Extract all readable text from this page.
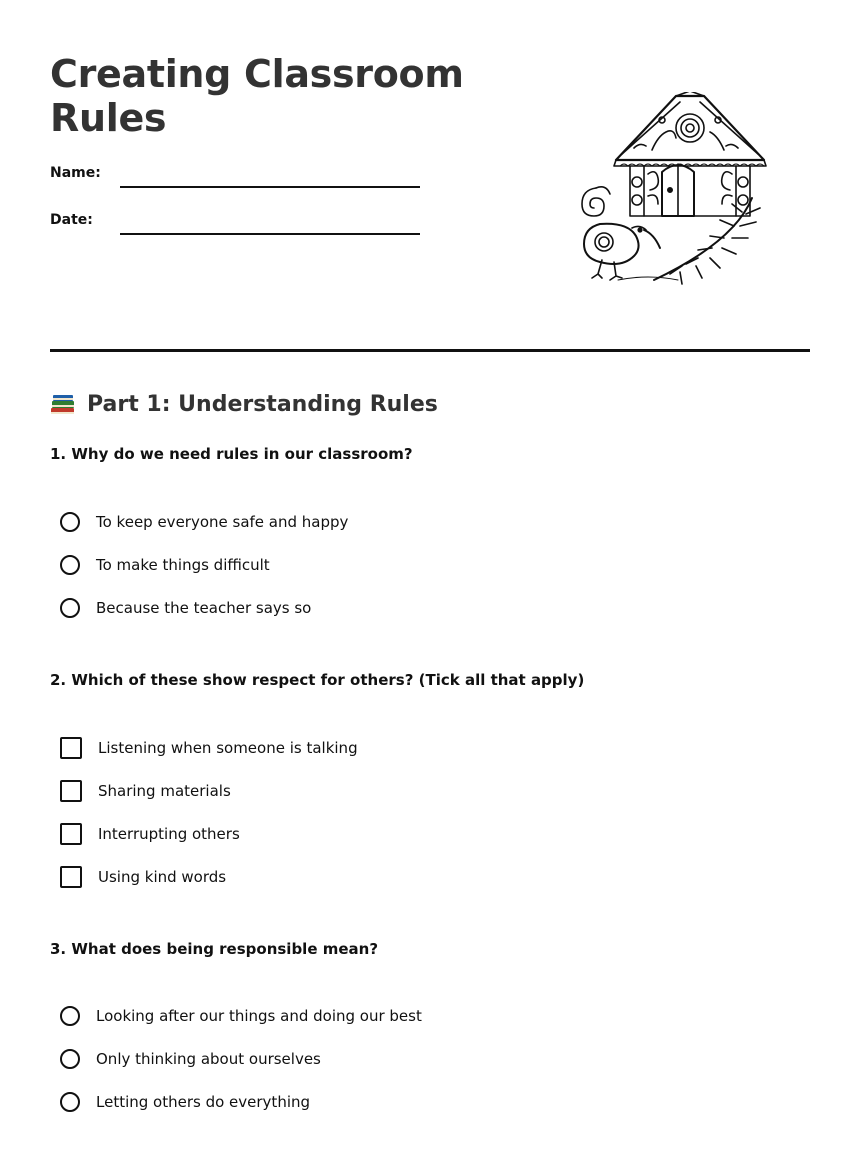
Creating Classroom Rules
Name:
Date:
Part 1: Understanding Rules

1. Why do we need rules in our classroom?

To keep everyone safe and happy
To make things difficult
Because the teacher says so

2. Which of these show respect for others? (Tick all that apply)

Listening when someone is talking
Sharing materials
Interrupting others
Using kind words

3. What does being responsible mean?

Looking after our things and doing our best
Only thinking about ourselves
Letting others do everything
